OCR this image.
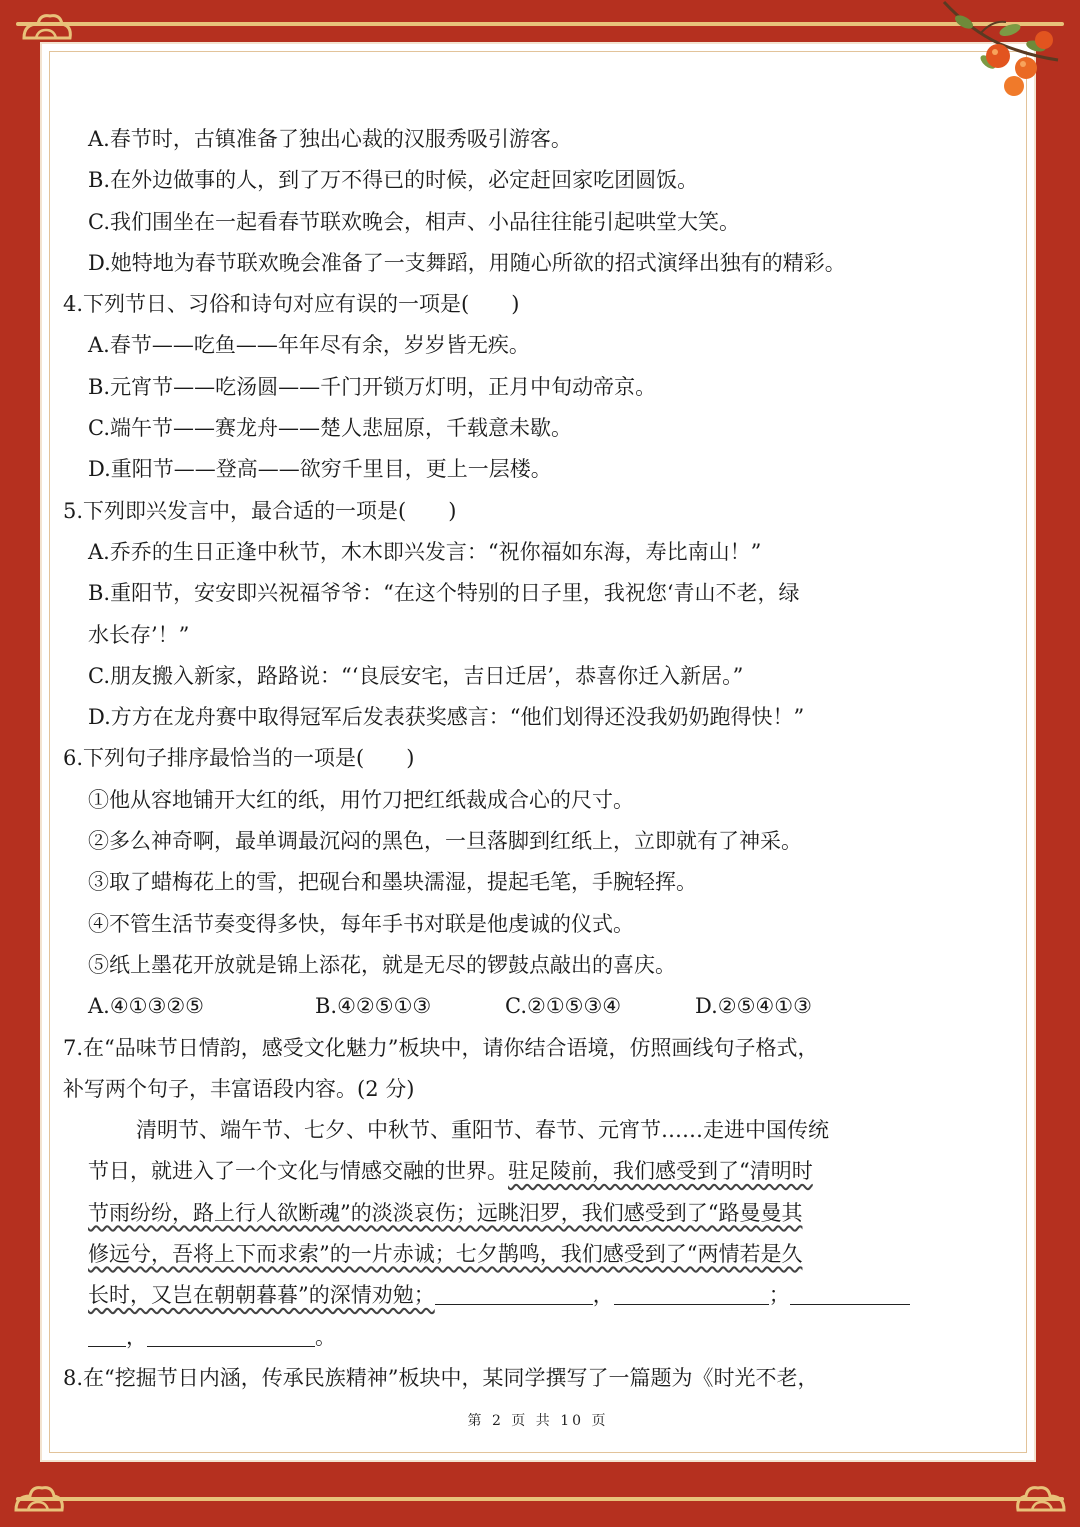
A.春节时，古镇准备了独出心裁的汉服秀吸引游客。
B.在外边做事的人，到了万不得已的时候，必定赶回家吃团圆饭。
C.我们围坐在一起看春节联欢晚会，相声、小品往往能引起哄堂大笑。
D.她特地为春节联欢晚会准备了一支舞蹈，用随心所欲的招式演绎出独有的精彩。
4.下列节日、习俗和诗句对应有误的一项是(　　)
A.春节——吃鱼——年年尽有余，岁岁皆无疾。
B.元宵节——吃汤圆——千门开锁万灯明，正月中旬动帝京。
C.端午节——赛龙舟——楚人悲屈原，千载意未歇。
D.重阳节——登高——欲穷千里目，更上一层楼。
5.下列即兴发言中，最合适的一项是(　　)
A.乔乔的生日正逢中秋节，木木即兴发言：“祝你福如东海，寿比南山！”
B.重阳节，安安即兴祝福爷爷：“在这个特别的日子里，我祝您‘青山不老，绿
水长存’！”
C.朋友搬入新家，路路说：“‘良辰安宅，吉日迁居’，恭喜你迁入新居。”
D.方方在龙舟赛中取得冠军后发表获奖感言：“他们划得还没我奶奶跑得快！”
6.下列句子排序最恰当的一项是(　　)
①他从容地铺开大红的纸，用竹刀把红纸裁成合心的尺寸。
②多么神奇啊，最单调最沉闷的黑色，一旦落脚到红纸上，立即就有了神采。
③取了蜡梅花上的雪，把砚台和墨块濡湿，提起毛笔，手腕轻挥。
④不管生活节奏变得多快，每年手书对联是他虔诚的仪式。
⑤纸上墨花开放就是锦上添花，就是无尽的锣鼓点敲出的喜庆。
A.④①③②⑤	B.④②⑤①③	C.②①⑤③④	D.②⑤④①③
7.在“品味节日情韵，感受文化魅力”板块中，请你结合语境，仿照画线句子格式，
补写两个句子，丰富语段内容。(2 分)
清明节、端午节、七夕、中秋节、重阳节、春节、元宵节……走进中国传统
节日，就进入了一个文化与情感交融的世界。驻足陵前，我们感受到了“清明时
节雨纷纷，路上行人欲断魂”的淡淡哀伤；远眺汨罗，我们感受到了“路曼曼其
修远兮，吾将上下而求索”的一片赤诚；七夕鹊鸣，我们感受到了“两情若是久
长时，又岂在朝朝暮暮”的深情劝勉；	，	；
，	。
8.在“挖掘节日内涵，传承民族精神”板块中，某同学撰写了一篇题为《时光不老，
第 2 页 共 10 页
